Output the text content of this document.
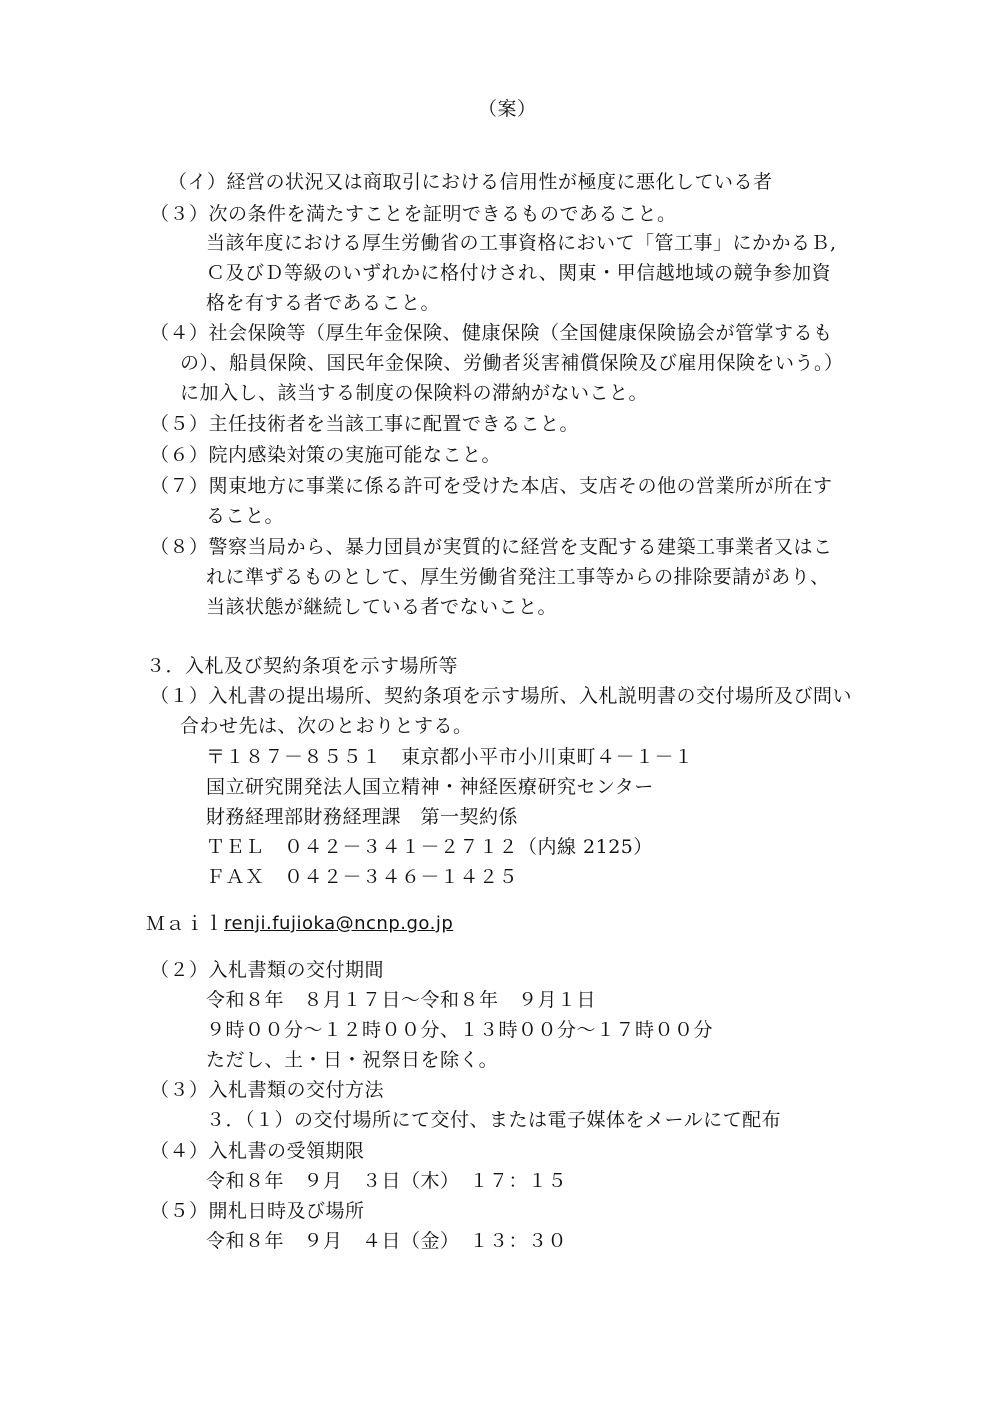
（案）
（イ）経営の状況又は商取引における信用性が極度に悪化している者
（３）次の条件を満たすことを証明できるものであること。
当該年度における厚生労働省の工事資格において「管工事」にかかるＢ,
Ｃ及びＤ等級のいずれかに格付けされ、関東・甲信越地域の競争参加資
格を有する者であること。
（４）社会保険等（厚生年金保険、健康保険（全国健康保険協会が管掌するも
の）、船員保険、国民年金保険、労働者災害補償保険及び雇用保険をいう。）
に加入し、該当する制度の保険料の滞納がないこと。
（５）主任技術者を当該工事に配置できること。
（６）院内感染対策の実施可能なこと。
（７）関東地方に事業に係る許可を受けた本店、支店その他の営業所が所在す
ること。
（８）警察当局から、暴力団員が実質的に経営を支配する建築工事業者又はこ
れに準ずるものとして、厚生労働省発注工事等からの排除要請があり、
当該状態が継続している者でないこと。
３．入札及び契約条項を示す場所等
（１）入札書の提出場所、契約条項を示す場所、入札説明書の交付場所及び問い
合わせ先は、次のとおりとする。
〒１８７－８５５１　東京都小平市小川東町４－１－１
国立研究開発法人国立精神・神経医療研究センター
財務経理部財務経理課　第一契約係
ＴＥＬ　０４２－３４１－２７１２（内線 2125）
ＦＡＸ　０４２－３４６－１４２５
Ｍａｉｌ renji.fujioka@ncnp.go.jp
（２）入札書類の交付期間
令和８年　８月１７日～令和８年　９月１日
９時００分～１２時００分、１３時００分～１７時００分
ただし、土・日・祝祭日を除く。
（３）入札書類の交付方法
３．（１）の交付場所にて交付、または電子媒体をメールにて配布
（４）入札書の受領期限
令和８年　９月　３日（木）　１７：１５
（５）開札日時及び場所
令和８年　９月　４日（金）　１３：３０
